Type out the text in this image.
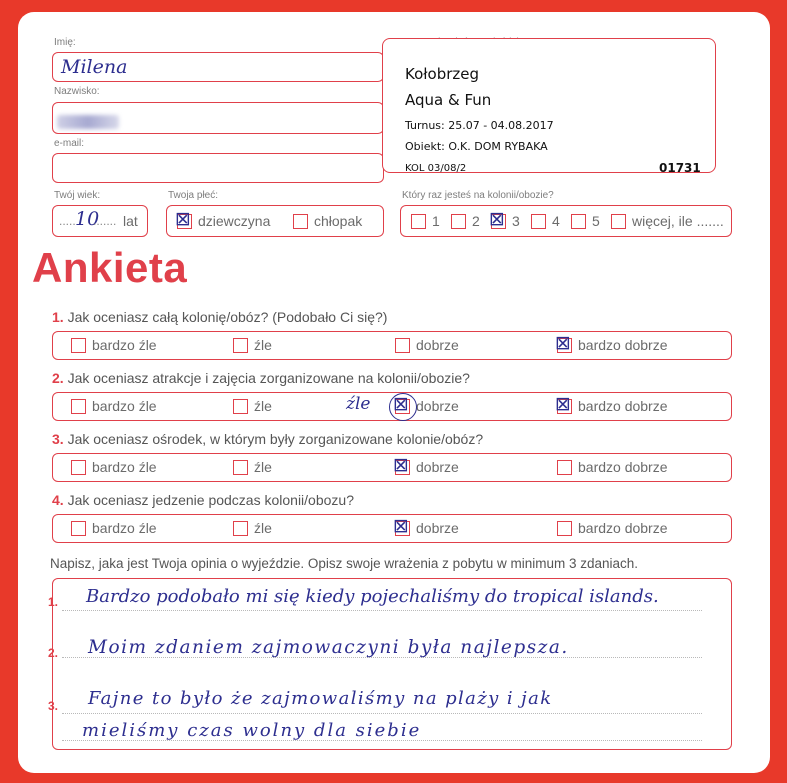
Imię:
Milena
Nazwisko:
e-mail:
Twój wiek:
..... 10
....... lat
Twoja płeć:
⊠ dziewczyna	chłopak
Kołobrzeg
Aqua & Fun
Turnus: 25.07 - 04.08.2017
Obiekt: O.K. DOM RYBAKA
KOL 03/08/2	01731
Który raz jesteś na kolonii/obozie?
1 2 ⊠ 3 4 5 więcej, ile .......
Ankieta
1. Jak oceniasz całą kolonię/obóz? (Podobało Ci się?)
bardzo źle	źle	dobrze	⊠ bardzo dobrze
2. Jak oceniasz atrakcje i zajęcia zorganizowane na kolonii/obozie?
bardzo źle	źle	⊠
źle	dobrze	⊠ bardzo dobrze
3. Jak oceniasz ośrodek, w którym były zorganizowane kolonie/obóz?
bardzo źle	źle	⊠ dobrze	bardzo dobrze
4. Jak oceniasz jedzenie podczas kolonii/obozu?
bardzo źle	źle	⊠ dobrze	bardzo dobrze
Napisz, jaka jest Twoja opinia o wyjeździe. Opisz swoje wrażenia z pobytu w minimum 3 zdaniach.
1. Bardzo podobało mi się kiedy pojechaliśmy do tropical islands.
2. Moim zdaniem zajmowaczyni była najlepsza.
3. Fajne to było że zajmowaliśmy na plaży i jak
mieliśmy czas wolny dla siebie
